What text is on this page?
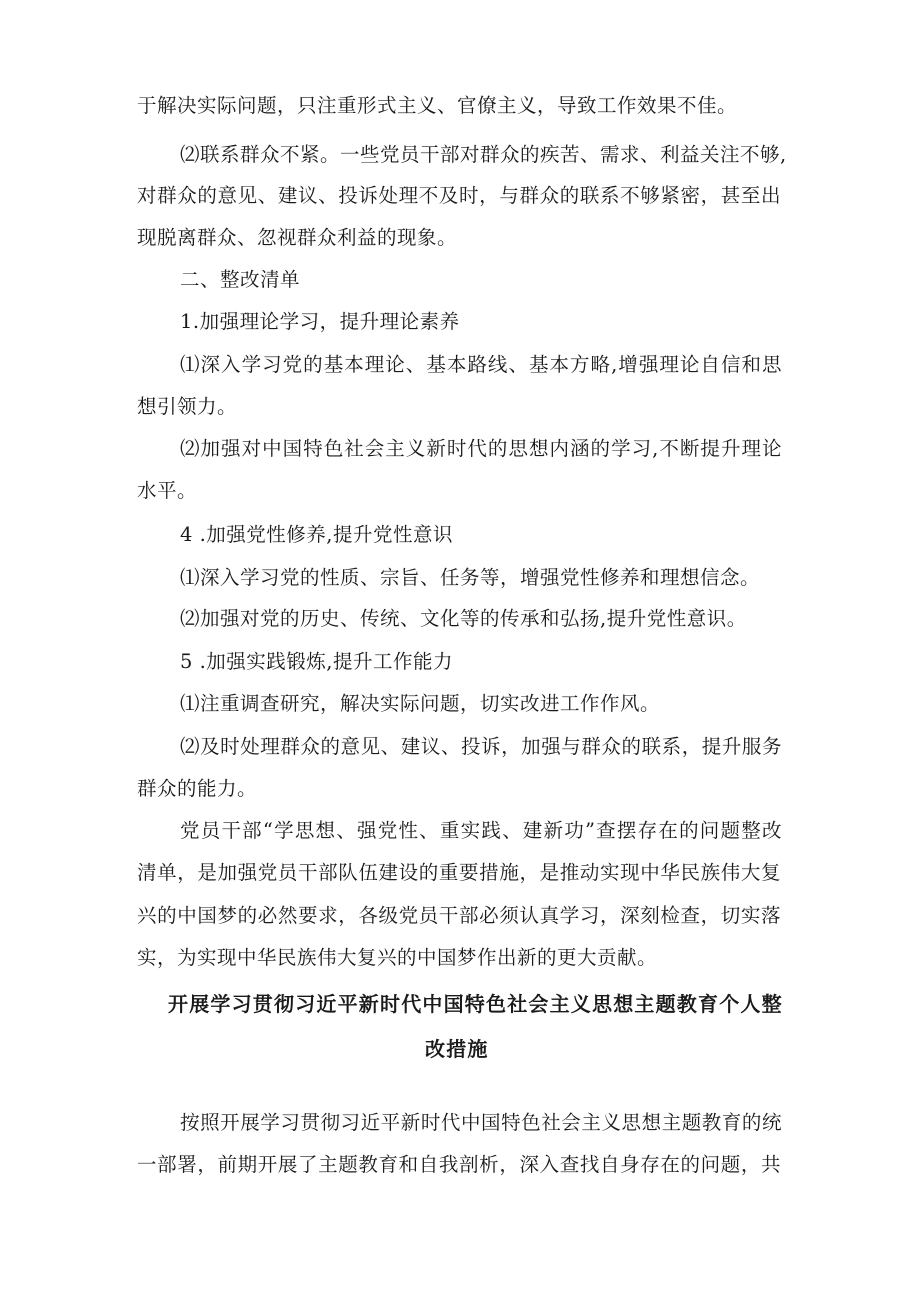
于解决实际问题，只注重形式主义、官僚主义，导致工作效果不佳。
⑵联系群众不紧。一些党员干部对群众的疾苦、需求、利益关注不够,
对群众的意见、建议、投诉处理不及时，与群众的联系不够紧密，甚至出
现脱离群众、忽视群众利益的现象。
二、整改清单
1.加强理论学习，提升理论素养
⑴深入学习党的基本理论、基本路线、基本方略,增强理论自信和思
想引领力。
⑵加强对中国特色社会主义新时代的思想内涵的学习,不断提升理论
水平。
4 .加强党性修养,提升党性意识
⑴深入学习党的性质、宗旨、任务等，增强党性修养和理想信念。
⑵加强对党的历史、传统、文化等的传承和弘扬,提升党性意识。
5 .加强实践锻炼,提升工作能力
⑴注重调查研究，解决实际问题，切实改进工作作风。
⑵及时处理群众的意见、建议、投诉，加强与群众的联系，提升服务
群众的能力。
党员干部“学思想、强党性、重实践、建新功”查摆存在的问题整改
清单，是加强党员干部队伍建设的重要措施，是推动实现中华民族伟大复
兴的中国梦的必然要求，各级党员干部必须认真学习，深刻检查，切实落
实，为实现中华民族伟大复兴的中国梦作出新的更大贡献。
开展学习贯彻习近平新时代中国特色社会主义思想主题教育个人整
改措施
按照开展学习贯彻习近平新时代中国特色社会主义思想主题教育的统
一部署，前期开展了主题教育和自我剖析，深入查找自身存在的问题，共
